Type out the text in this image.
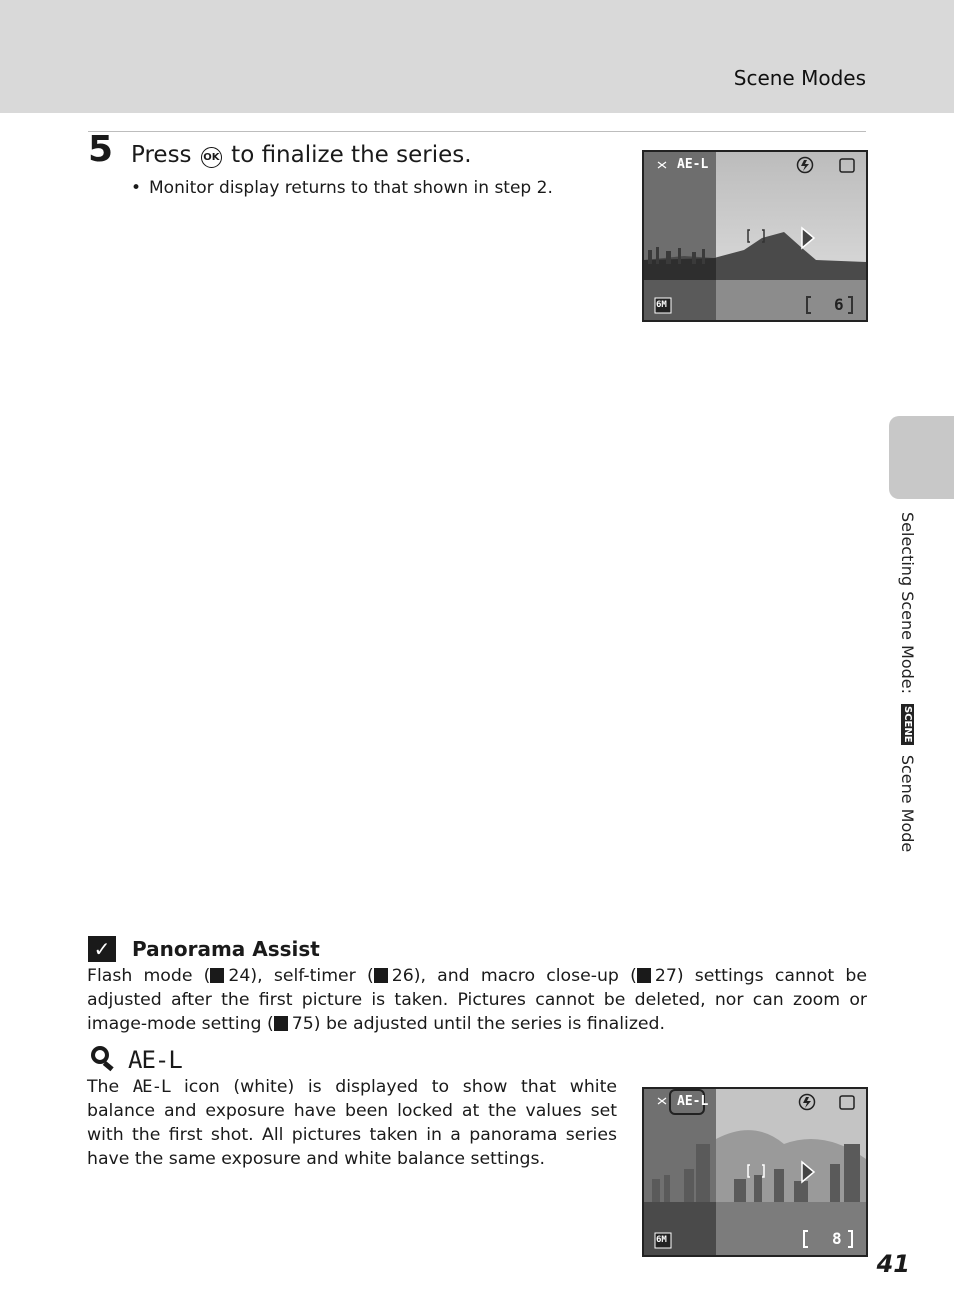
Scene Modes
5 Press OK to finalize the series.
• Monitor display returns to that shown in step 2.
AE-L
6M	6
Selecting Scene Mode: SCENE Scene Mode
✓ Panorama Assist
Flash mode ( 24), self-timer ( 26), and macro close-up ( 27) settings cannot be adjusted after the first picture is taken. Pictures cannot be deleted, nor can zoom or image-mode setting ( 75) be adjusted until the series is finalized.
AE-L
The AE-L icon (white) is displayed to show that white balance and exposure have been locked at the values set with the first shot. All pictures taken in a panorama series have the same exposure and white balance settings.
AE-L
6M	8
41
